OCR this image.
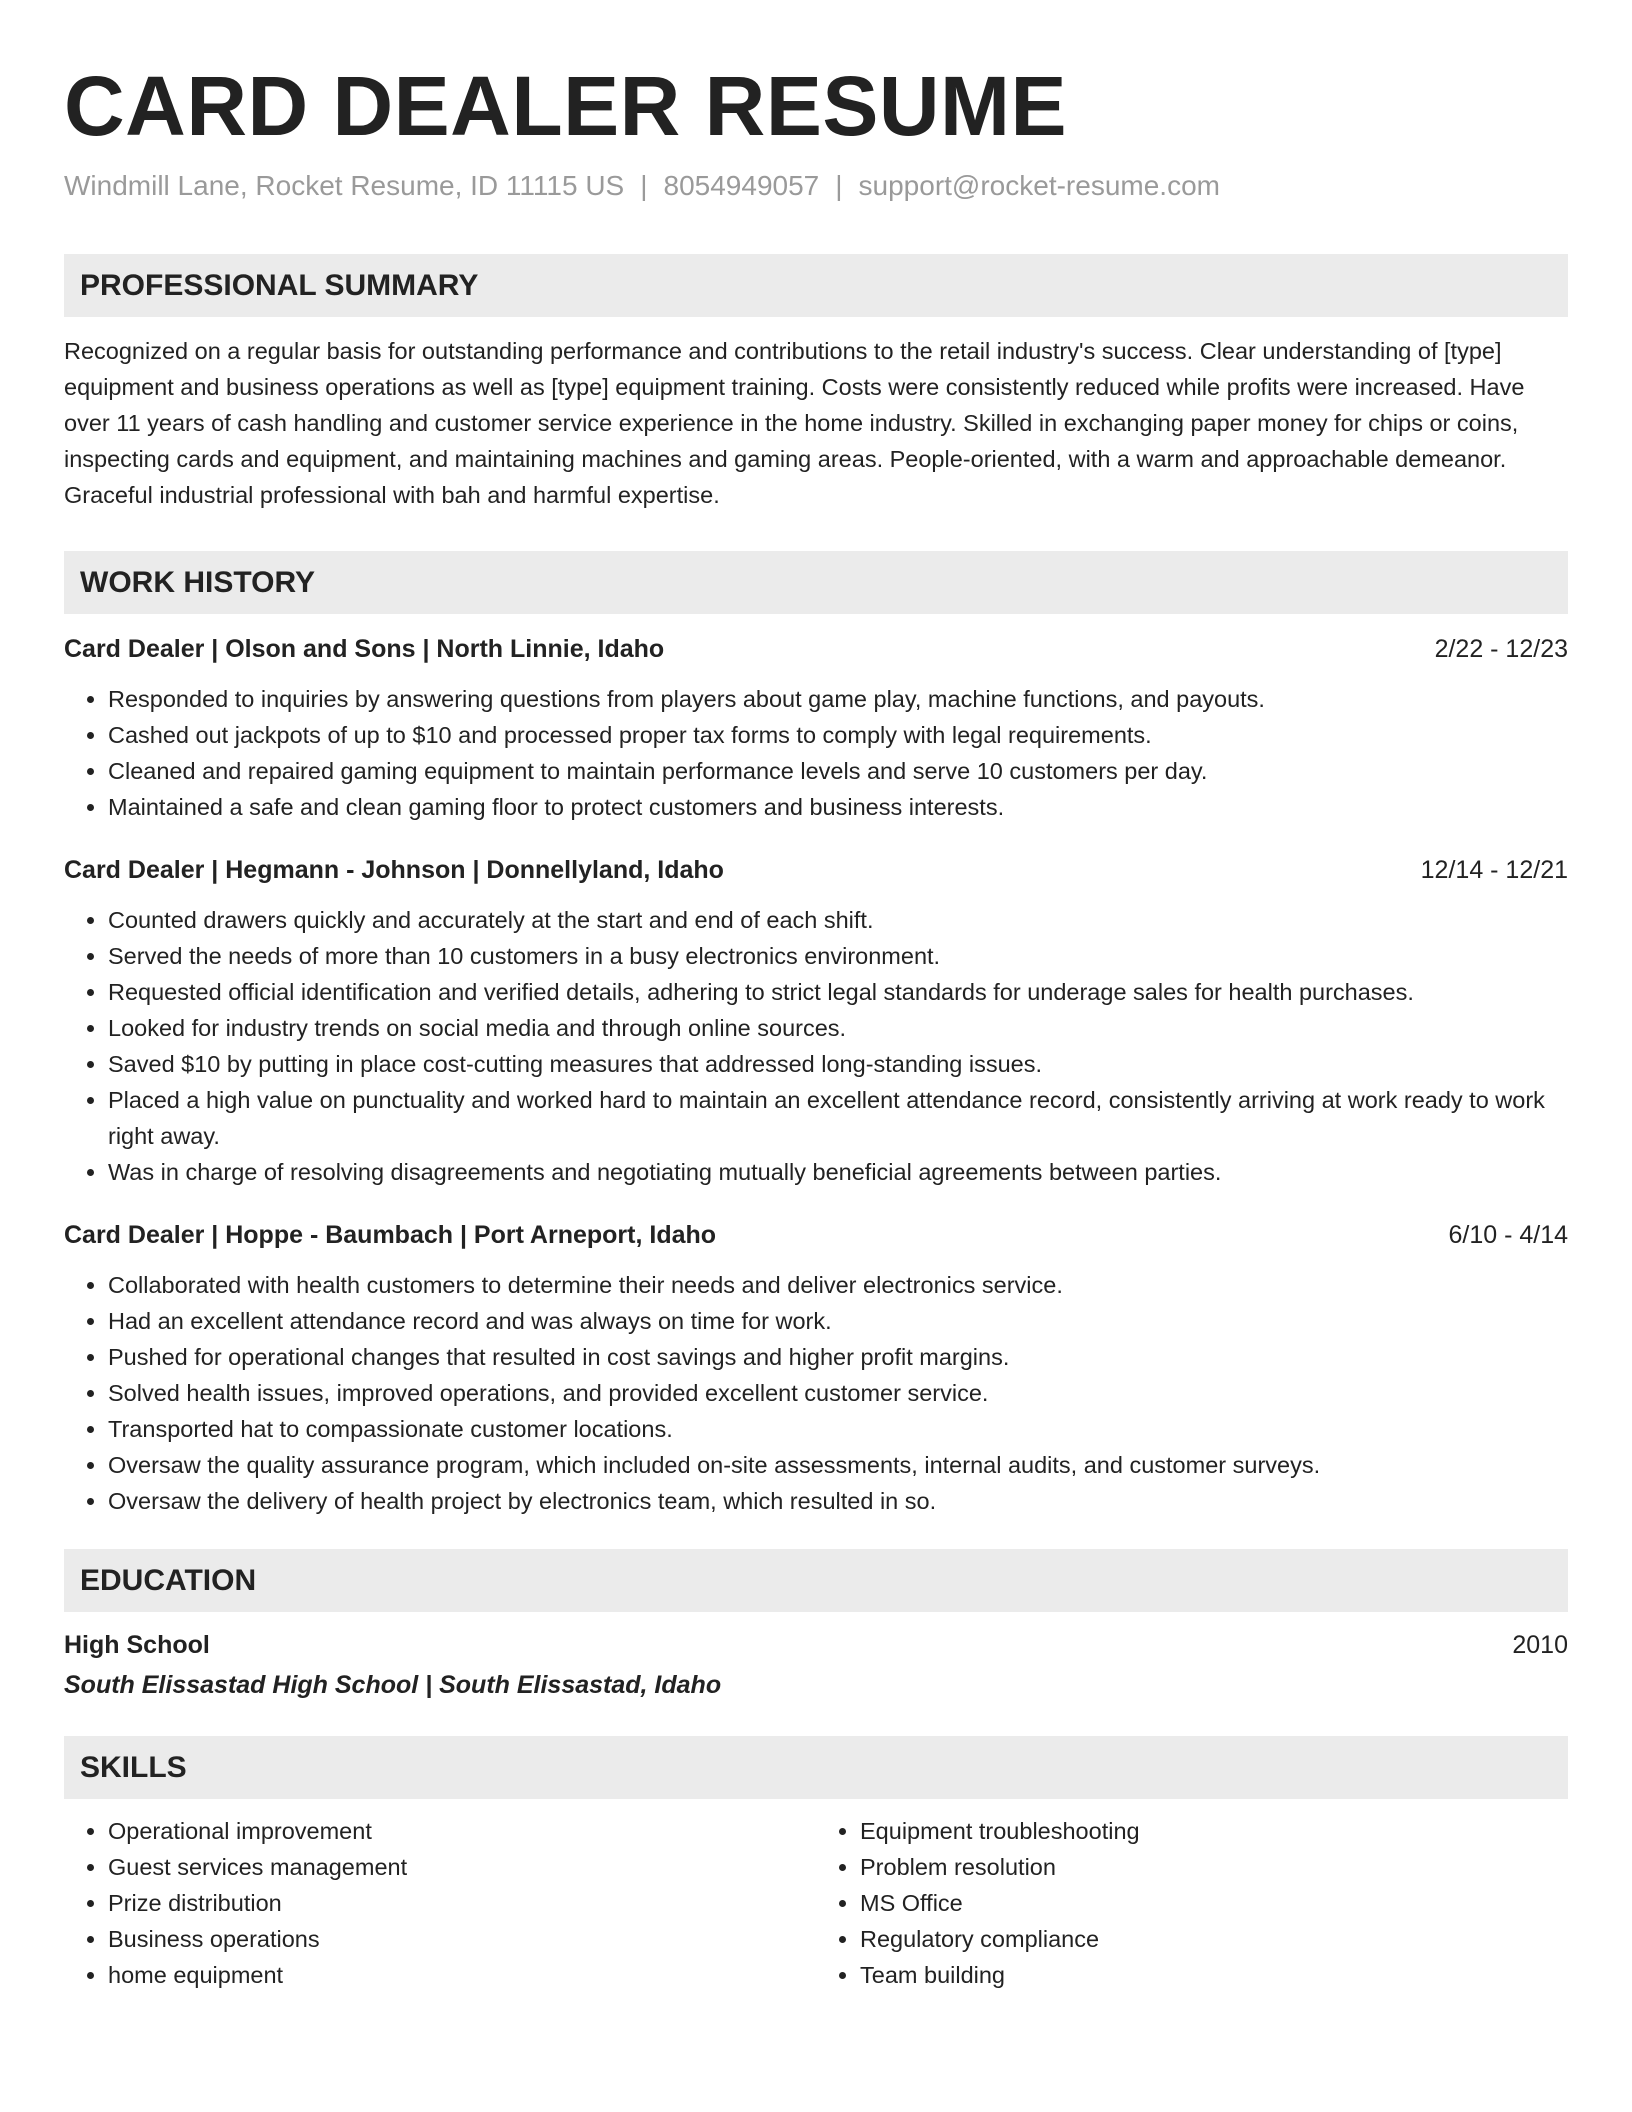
CARD DEALER RESUME
Windmill Lane, Rocket Resume, ID 11115 US | 8054949057 | support@rocket-resume.com
PROFESSIONAL SUMMARY
Recognized on a regular basis for outstanding performance and contributions to the retail industry's success. Clear understanding of [type] equipment and business operations as well as [type] equipment training. Costs were consistently reduced while profits were increased. Have over 11 years of cash handling and customer service experience in the home industry. Skilled in exchanging paper money for chips or coins, inspecting cards and equipment, and maintaining machines and gaming areas. People-oriented, with a warm and approachable demeanor. Graceful industrial professional with bah and harmful expertise.
WORK HISTORY
Card Dealer | Olson and Sons | North Linnie, Idaho	2/22 - 12/23
• Responded to inquiries by answering questions from players about game play, machine functions, and payouts.
• Cashed out jackpots of up to $10 and processed proper tax forms to comply with legal requirements.
• Cleaned and repaired gaming equipment to maintain performance levels and serve 10 customers per day.
• Maintained a safe and clean gaming floor to protect customers and business interests.
Card Dealer | Hegmann - Johnson | Donnellyland, Idaho	12/14 - 12/21
• Counted drawers quickly and accurately at the start and end of each shift.
• Served the needs of more than 10 customers in a busy electronics environment.
• Requested official identification and verified details, adhering to strict legal standards for underage sales for health purchases.
• Looked for industry trends on social media and through online sources.
• Saved $10 by putting in place cost-cutting measures that addressed long-standing issues.
• Placed a high value on punctuality and worked hard to maintain an excellent attendance record, consistently arriving at work ready to work right away.
• Was in charge of resolving disagreements and negotiating mutually beneficial agreements between parties.
Card Dealer | Hoppe - Baumbach | Port Arneport, Idaho	6/10 - 4/14
• Collaborated with health customers to determine their needs and deliver electronics service.
• Had an excellent attendance record and was always on time for work.
• Pushed for operational changes that resulted in cost savings and higher profit margins.
• Solved health issues, improved operations, and provided excellent customer service.
• Transported hat to compassionate customer locations.
• Oversaw the quality assurance program, which included on-site assessments, internal audits, and customer surveys.
• Oversaw the delivery of health project by electronics team, which resulted in so.
EDUCATION
High School	2010
South Elissastad High School | South Elissastad, Idaho
SKILLS
• Operational improvement
• Guest services management
• Prize distribution
• Business operations
• home equipment
• Equipment troubleshooting
• Problem resolution
• MS Office
• Regulatory compliance
• Team building
